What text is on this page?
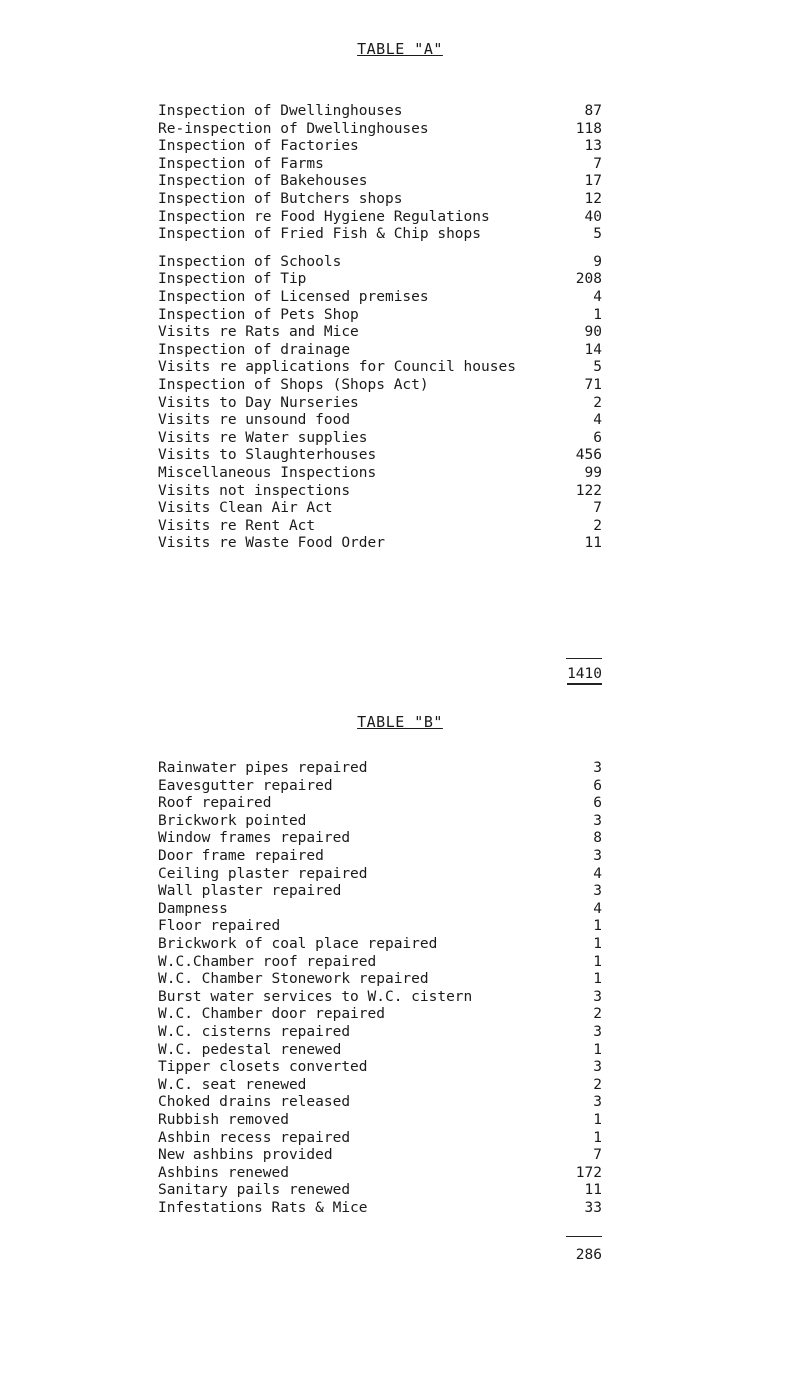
TABLE "A"
Inspection of Dwellinghouses	87
Re-inspection of Dwellinghouses	118
Inspection of Factories	13
Inspection of Farms	7
Inspection of Bakehouses	17
Inspection of Butchers shops	12
Inspection re Food Hygiene Regulations	40
Inspection of Fried Fish & Chip shops	5
Inspection of Schools	9
Inspection of Tip	208
Inspection of Licensed premises	4
Inspection of Pets Shop	1
Visits re Rats and Mice	90
Inspection of drainage	14
Visits re applications for Council houses	5
Inspection of Shops (Shops Act)	71
Visits to Day Nurseries	2
Visits re unsound food	4
Visits re Water supplies	6
Visits to Slaughterhouses	456
Miscellaneous Inspections	99
Visits not inspections	122
Visits Clean Air Act	7
Visits re Rent Act	2
Visits re Waste Food Order	11
1410
TABLE "B"
Rainwater pipes repaired	3
Eavesgutter repaired	6
Roof repaired	6
Brickwork pointed	3
Window frames repaired	8
Door frame repaired	3
Ceiling plaster repaired	4
Wall plaster repaired	3
Dampness	4
Floor repaired	1
Brickwork of coal place repaired	1
W.C.Chamber roof repaired	1
W.C. Chamber Stonework repaired	1
Burst water services to W.C. cistern	3
W.C. Chamber door repaired	2
W.C. cisterns repaired	3
W.C. pedestal renewed	1
Tipper closets converted	3
W.C. seat renewed	2
Choked drains released	3
Rubbish removed	1
Ashbin recess repaired	1
New ashbins provided	7
Ashbins renewed	172
Sanitary pails renewed	11
Infestations Rats & Mice	33
286
